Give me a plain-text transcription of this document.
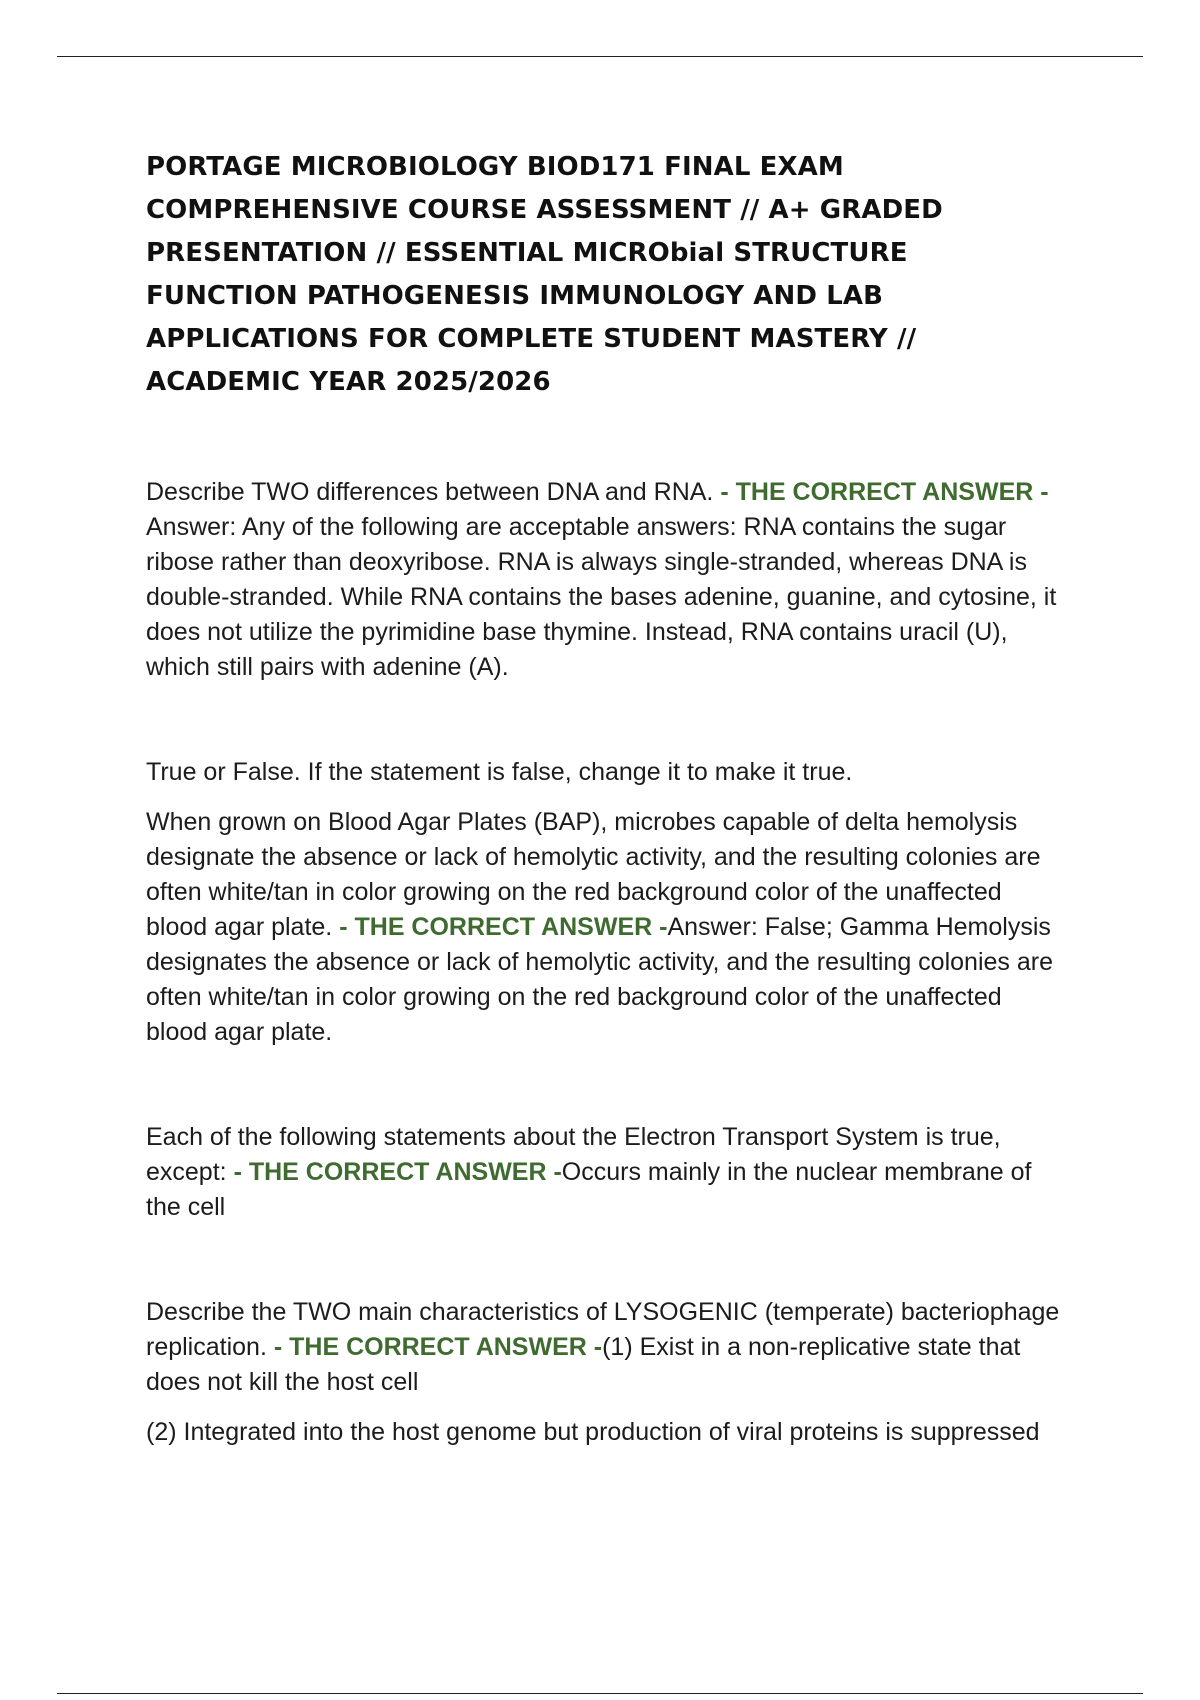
PORTAGE MICROBIOLOGY BIOD171 FINAL EXAM COMPREHENSIVE COURSE ASSESSMENT // A+ GRADED PRESENTATION // ESSENTIAL MICRObial STRUCTURE FUNCTION PATHOGENESIS IMMUNOLOGY AND LAB APPLICATIONS FOR COMPLETE STUDENT MASTERY // ACADEMIC YEAR 2025/2026

Describe TWO differences between DNA and RNA. - THE CORRECT ANSWER -Answer: Any of the following are acceptable answers: RNA contains the sugar ribose rather than deoxyribose. RNA is always single-stranded, whereas DNA is double-stranded. While RNA contains the bases adenine, guanine, and cytosine, it does not utilize the pyrimidine base thymine. Instead, RNA contains uracil (U), which still pairs with adenine (A).

True or False. If the statement is false, change it to make it true.

When grown on Blood Agar Plates (BAP), microbes capable of delta hemolysis designate the absence or lack of hemolytic activity, and the resulting colonies are often white/tan in color growing on the red background color of the unaffected blood agar plate. - THE CORRECT ANSWER -Answer: False; Gamma Hemolysis designates the absence or lack of hemolytic activity, and the resulting colonies are often white/tan in color growing on the red background color of the unaffected blood agar plate.

Each of the following statements about the Electron Transport System is true, except: - THE CORRECT ANSWER -Occurs mainly in the nuclear membrane of the cell

Describe the TWO main characteristics of LYSOGENIC (temperate) bacteriophage replication. - THE CORRECT ANSWER -(1) Exist in a non-replicative state that does not kill the host cell

(2) Integrated into the host genome but production of viral proteins is suppressed
